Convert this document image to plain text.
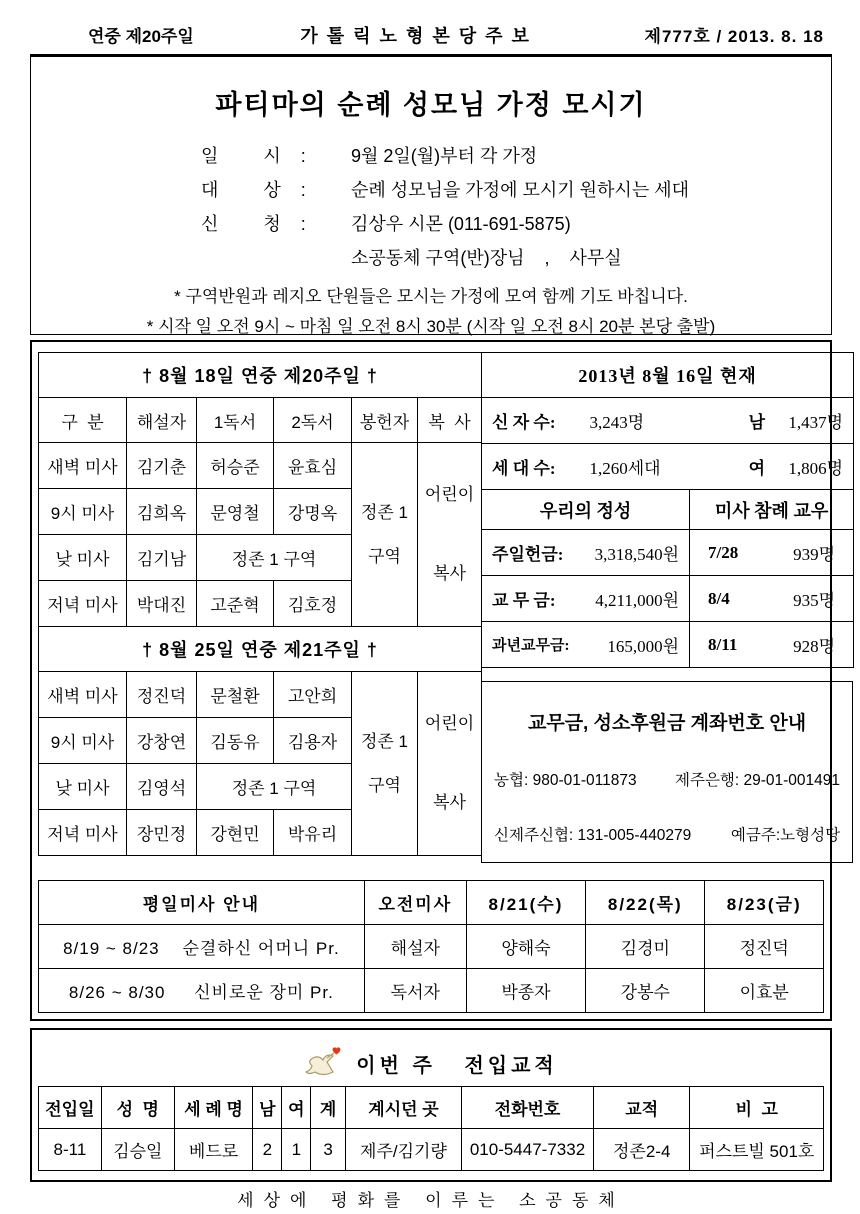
연중 제20주일	가톨릭노형본당주보	제777호 / 2013. 8. 18
파티마의 순례 성모님 가정 모시기
일         시    :	9월 2일(월)부터 각 가정
대         상    :	순례 성모님을 가정에 모시기 원하시는 세대
신         청    :	김상우 시몬 (011-691-5875)
소공동체 구역(반)장님    ,    사무실
* 구역반원과 레지오 단원들은 모시는 가정에 모여 함께 기도 바칩니다.
* 시작 일 오전 9시 ~ 마침 일 오전 8시 30분 (시작 일 오전 8시 20분 본당 출발)
† 8월 18일 연중 제20주일 †					
구  분	해설자	1독서	2독서	봉헌자	복  사
새벽 미사	김기춘	허승준	윤효심	정존 1 구역	어린이 복사
9시 미사	김희옥	문영철	강명옥		
낮 미사	김기남	정존 1 구역			
저녁 미사	박대진	고준혁	김호정		
† 8월 25일 연중 제21주일 †					
새벽 미사	정진덕	문철환	고안희	정존 1 구역	어린이 복사
9시 미사	강창연	김동유	김용자		
낮 미사	김영석	정존 1 구역			
저녁 미사	장민정	강현민	박유리		
2013년 8월 16일 현재	

신 자 수: 3,243명 남 1,437명	

세 대 수: 1,260세대 여 1,806명	

우리의 정성	미사 참례 교우

주일헌금: 3,318,540원	7/28 939명

교 무 금: 4,211,000원	8/4 935명

과년교무금: 165,000원	8/11 928명
교무금, 성소후원금 계좌번호 안내
농협: 980-01-011873 제주은행: 29-01-001491
신제주신협: 131-005-440279	예금주:노형성당
평일미사 안내	오전미사	8/21(수)	8/22(목)	8/23(금)
8/19 ~ 8/23    순결하신 어머니 Pr.	해설자	양해숙	김경미	정진덕
8/26 ~ 8/30     신비로운 장미 Pr.	독서자	박종자	강봉수	이효분
이번 주   전입교적
전입일	성  명	세 례 명	남	여	계	계시던 곳	전화번호	교적	비  고
8-11	김승일	베드로	2	1	3	제주/김기량	010-5447-7332	정존2-4	퍼스트빌 501호
세상에 평화를 이루는 소공동체
